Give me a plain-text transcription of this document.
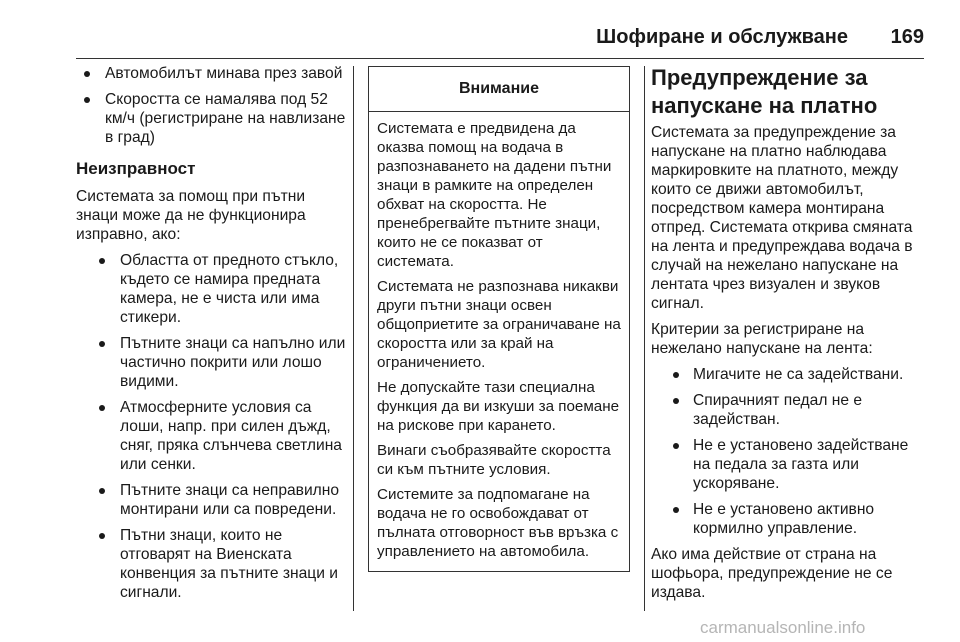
Шофиране и обслужване 169
Автомобилът минава през завой
Скоростта се намалява под 52 км/ч (регистриране на навлизане в град)
Неизправност

Системата за помощ при пътни знаци може да не функционира изправно, ако:

Областта от предното стъкло, където се намира предната камера, не е чиста или има стикери.
Пътните знаци са напълно или частично покрити или лошо видими.
Атмосферните условия са лоши, напр. при силен дъжд, сняг, пряка слънчева светлина или сенки.
Пътните знаци са неправилно монтирани или са повредени.
Пътни знаци, които не отговарят на Виенската конвенция за пътните знаци и сигнали.
Внимание

Системата е предвидена да оказва помощ на водача в разпознаването на дадени пътни знаци в рамките на определен обхват на скоростта. Не пренебрегвайте пътните знаци, които не се показват от системата.

Системата не разпознава никакви други пътни знаци освен общоприетите за ограничаване на скоростта или за край на ограничението.

Не допускайте тази специална функция да ви изкуши за поемане на рискове при карането.

Винаги съобразявайте скоростта си към пътните условия.

Системите за подпомагане на водача не го освобождават от пълната отговорност във връзка с управлението на автомобила.

Предупреждение за напускане на платно

Системата за предупреждение за напускане на платно наблюдава маркировките на платното, между които се движи автомобилът, посредством камера монтирана отпред. Системата открива смяната на лента и предупреждава водача в случай на нежелано напускане на лентата чрез визуален и звуков сигнал.

Критерии за регистриране на нежелано напускане на лента:

Мигачите не са задействани.
Спирачният педал не е задействан.
Не е установено задействане на педала за газта или ускоряване.
Не е установено активно кормилно управление.

Ако има действие от страна на шофьора, предупреждение не се издава.

carmanualsonline.info
